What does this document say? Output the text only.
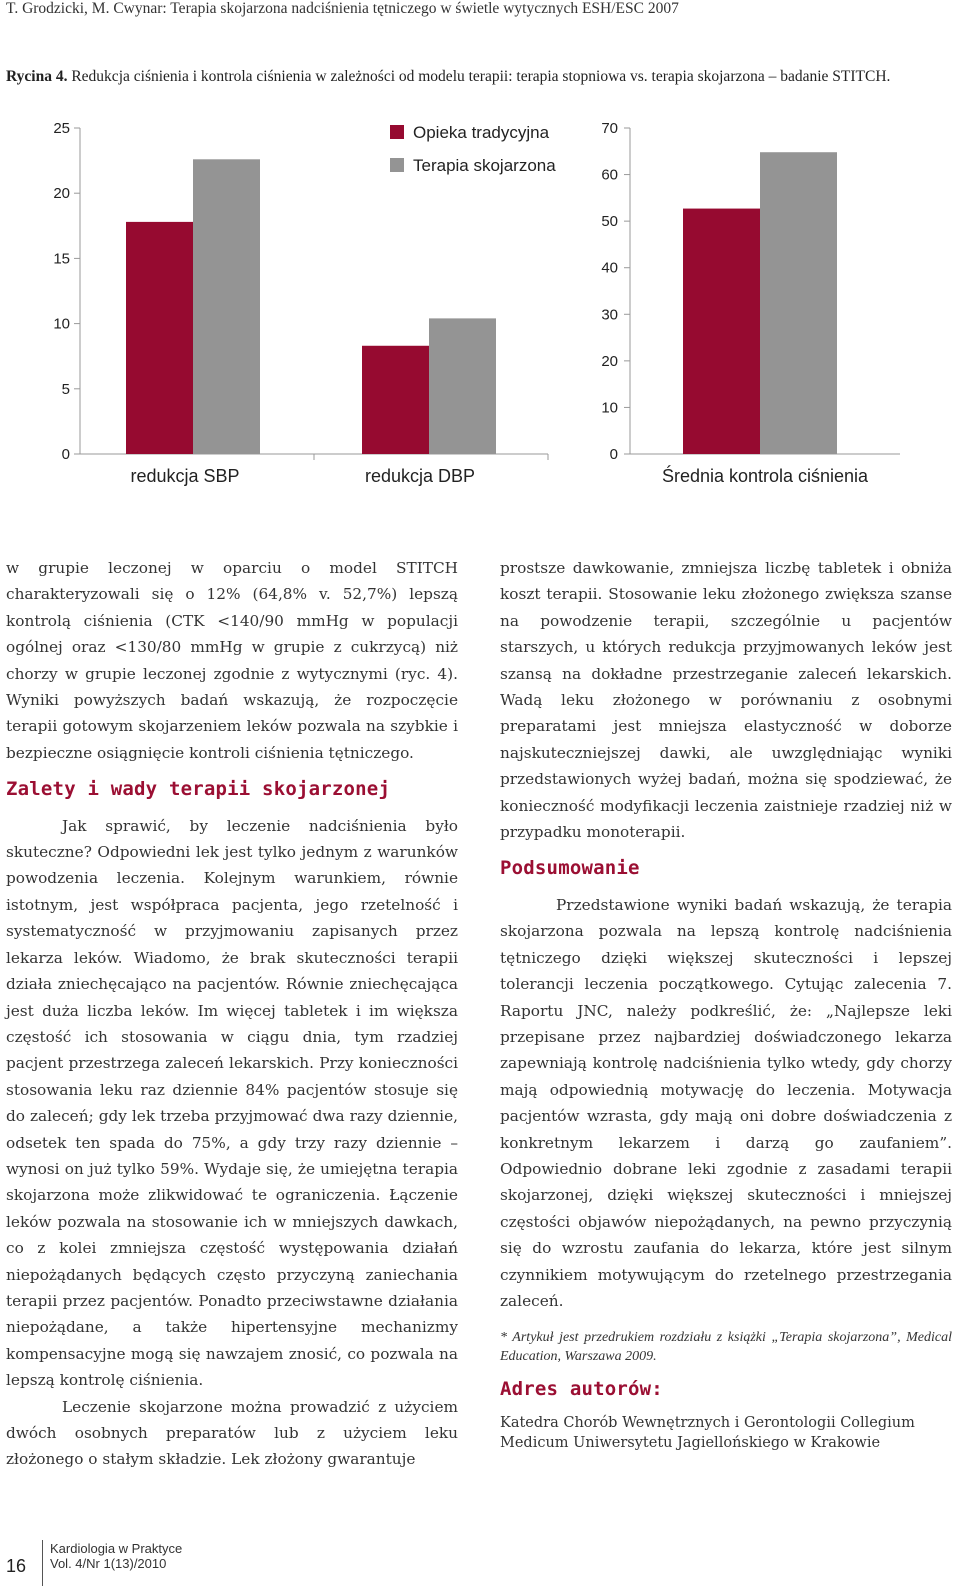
T. Grodzicki, M. Cwynar: Terapia skojarzona nadciśnienia tętniczego w świetle wytycznych ESH/ESC 2007
Rycina 4. Redukcja ciśnienia i kontrola ciśnienia w zależności od modelu terapii: terapia stopniowa vs. terapia skojarzona – badanie STITCH.
0
5
10
15
20
25
redukcja SBP	redukcja DBP
0
10
20
30
40
50
60
70
Średnia kontrola ciśnienia
Opieka tradycyjna
Terapia skojarzona

w grupie leczonej w oparciu o model STITCH charakteryzowali się o 12% (64,8% v. 52,7%) lepszą kontrolą ciśnienia (CTK <140/90 mmHg w populacji ogólnej oraz <130/80 mmHg w grupie z cukrzycą) niż chorzy w grupie leczonej zgodnie z wytycznymi (ryc. 4). Wyniki powyższych badań wskazują, że rozpoczęcie terapii gotowym skojarzeniem leków pozwala na szybkie i bezpieczne osiągnięcie kontroli ciśnienia tętniczego.

Zalety i wady terapii skojarzonej

Jak sprawić, by leczenie nadciśnienia było skuteczne? Odpowiedni lek jest tylko jednym z warunków powodzenia leczenia. Kolejnym warunkiem, równie istotnym, jest współpraca pacjenta, jego rzetelność i systematyczność w przyjmowaniu zapisanych przez lekarza leków. Wiadomo, że brak skuteczności terapii działa zniechęcająco na pacjentów. Równie zniechęcająca jest duża liczba leków. Im więcej tabletek i im większa częstość ich stosowania w ciągu dnia, tym rzadziej pacjent przestrzega zaleceń lekarskich. Przy konieczności stosowania leku raz dziennie 84% pacjentów stosuje się do zaleceń; gdy lek trzeba przyjmować dwa razy dziennie, odsetek ten spada do 75%, a gdy trzy razy dziennie – wynosi on już tylko 59%. Wydaje się, że umiejętna terapia skojarzona może zlikwidować te ograniczenia. Łączenie leków pozwala na stosowanie ich w mniejszych dawkach, co z kolei zmniejsza częstość występowania działań niepożądanych będących często przyczyną zaniechania terapii przez pacjentów. Ponadto przeciwstawne działania niepożądane, a także hipertensyjne mechanizmy kompensacyjne mogą się nawzajem znosić, co pozwala na lepszą kontrolę ciśnienia.

Leczenie skojarzone można prowadzić z użyciem dwóch osobnych preparatów lub z użyciem leku złożonego o stałym składzie. Lek złożony gwarantuje

prostsze dawkowanie, zmniejsza liczbę tabletek i obniża koszt terapii. Stosowanie leku złożonego zwiększa szanse na powodzenie terapii, szczególnie u pacjentów starszych, u których redukcja przyjmowanych leków jest szansą na dokładne przestrzeganie zaleceń lekarskich. Wadą leku złożonego w porównaniu z osobnymi preparatami jest mniejsza elastyczność w doborze najskuteczniejszej dawki, ale uwzględniając wyniki przedstawionych wyżej badań, można się spodziewać, że konieczność modyfikacji leczenia zaistnieje rzadziej niż w przypadku monoterapii.

Podsumowanie

Przedstawione wyniki badań wskazują, że terapia skojarzona pozwala na lepszą kontrolę nadciśnienia tętniczego dzięki większej skuteczności i lepszej tolerancji leczenia początkowego. Cytując zalecenia 7. Raportu JNC, należy podkreślić, że: „Najlepsze leki przepisane przez najbardziej doświadczonego lekarza zapewniają kontrolę nadciśnienia tylko wtedy, gdy chorzy mają odpowiednią motywację do leczenia. Motywacja pacjentów wzrasta, gdy mają oni dobre doświadczenia z konkretnym lekarzem i darzą go zaufaniem”. Odpowiednio dobrane leki zgodnie z zasadami terapii skojarzonej, dzięki większej skuteczności i mniejszej częstości objawów niepożądanych, na pewno przyczynią się do wzrostu zaufania do lekarza, które jest silnym czynnikiem motywującym do rzetelnego przestrzegania zaleceń.

* Artykuł jest przedrukiem rozdziału z książki „Terapia skojarzona”, Medical Education, Warszawa 2009.

Adres autorów:

Katedra Chorób Wewnętrznych i Gerontologii Collegium Medicum Uniwersytetu Jagiellońskiego w Krakowie

16
Kardiologia w Praktyce
Vol. 4/Nr 1(13)/2010
